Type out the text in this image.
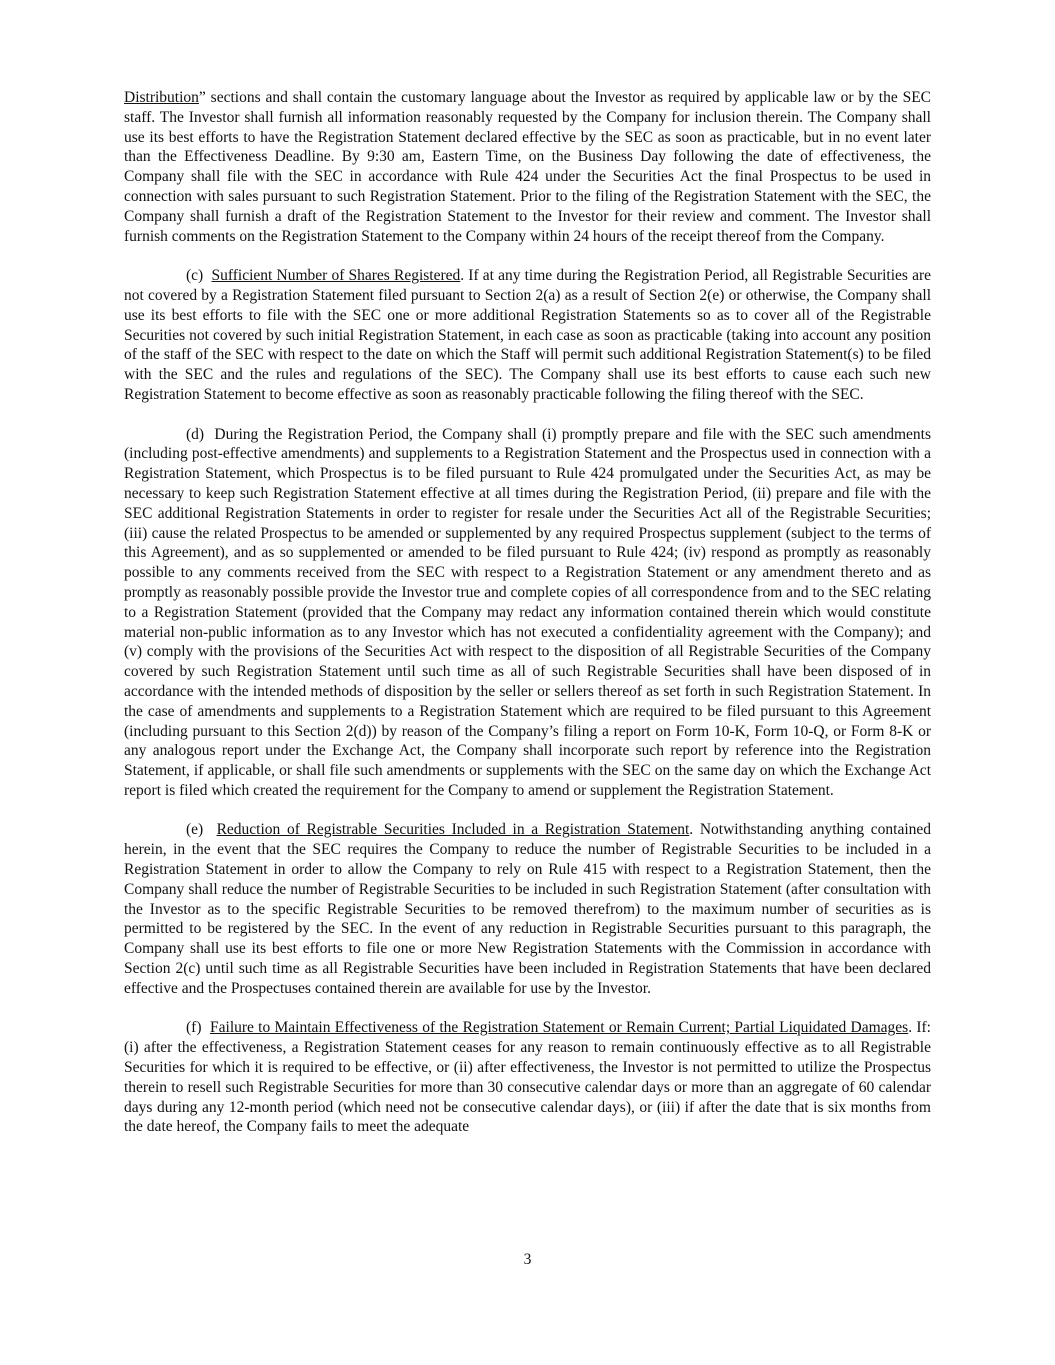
Distribution” sections and shall contain the customary language about the Investor as required by applicable law or by the SEC staff. The Investor shall furnish all information reasonably requested by the Company for inclusion therein. The Company shall use its best efforts to have the Registration Statement declared effective by the SEC as soon as practicable, but in no event later than the Effectiveness Deadline. By 9:30 am, Eastern Time, on the Business Day following the date of effectiveness, the Company shall file with the SEC in accordance with Rule 424 under the Securities Act the final Prospectus to be used in connection with sales pursuant to such Registration Statement. Prior to the filing of the Registration Statement with the SEC, the Company shall furnish a draft of the Registration Statement to the Investor for their review and comment. The Investor shall furnish comments on the Registration Statement to the Company within 24 hours of the receipt thereof from the Company.

(c)  Sufficient Number of Shares Registered. If at any time during the Registration Period, all Registrable Securities are not covered by a Registration Statement filed pursuant to Section 2(a) as a result of Section 2(e) or otherwise, the Company shall use its best efforts to file with the SEC one or more additional Registration Statements so as to cover all of the Registrable Securities not covered by such initial Registration Statement, in each case as soon as practicable (taking into account any position of the staff of the SEC with respect to the date on which the Staff will permit such additional Registration Statement(s) to be filed with the SEC and the rules and regulations of the SEC). The Company shall use its best efforts to cause each such new Registration Statement to become effective as soon as reasonably practicable following the filing thereof with the SEC.

(d)  During the Registration Period, the Company shall (i) promptly prepare and file with the SEC such amendments (including post-effective amendments) and supplements to a Registration Statement and the Prospectus used in connection with a Registration Statement, which Prospectus is to be filed pursuant to Rule 424 promulgated under the Securities Act, as may be necessary to keep such Registration Statement effective at all times during the Registration Period, (ii) prepare and file with the SEC additional Registration Statements in order to register for resale under the Securities Act all of the Registrable Securities; (iii) cause the related Prospectus to be amended or supplemented by any required Prospectus supplement (subject to the terms of this Agreement), and as so supplemented or amended to be filed pursuant to Rule 424; (iv) respond as promptly as reasonably possible to any comments received from the SEC with respect to a Registration Statement or any amendment thereto and as promptly as reasonably possible provide the Investor true and complete copies of all correspondence from and to the SEC relating to a Registration Statement (provided that the Company may redact any information contained therein which would constitute material non-public information as to any Investor which has not executed a confidentiality agreement with the Company); and (v) comply with the provisions of the Securities Act with respect to the disposition of all Registrable Securities of the Company covered by such Registration Statement until such time as all of such Registrable Securities shall have been disposed of in accordance with the intended methods of disposition by the seller or sellers thereof as set forth in such Registration Statement. In the case of amendments and supplements to a Registration Statement which are required to be filed pursuant to this Agreement (including pursuant to this Section 2(d)) by reason of the Company’s filing a report on Form 10-K, Form 10-Q, or Form 8-K or any analogous report under the Exchange Act, the Company shall incorporate such report by reference into the Registration Statement, if applicable, or shall file such amendments or supplements with the SEC on the same day on which the Exchange Act report is filed which created the requirement for the Company to amend or supplement the Registration Statement.

(e)  Reduction of Registrable Securities Included in a Registration Statement. Notwithstanding anything contained herein, in the event that the SEC requires the Company to reduce the number of Registrable Securities to be included in a Registration Statement in order to allow the Company to rely on Rule 415 with respect to a Registration Statement, then the Company shall reduce the number of Registrable Securities to be included in such Registration Statement (after consultation with the Investor as to the specific Registrable Securities to be removed therefrom) to the maximum number of securities as is permitted to be registered by the SEC. In the event of any reduction in Registrable Securities pursuant to this paragraph, the Company shall use its best efforts to file one or more New Registration Statements with the Commission in accordance with Section 2(c) until such time as all Registrable Securities have been included in Registration Statements that have been declared effective and the Prospectuses contained therein are available for use by the Investor.

(f)  Failure to Maintain Effectiveness of the Registration Statement or Remain Current; Partial Liquidated Damages. If: (i) after the effectiveness, a Registration Statement ceases for any reason to remain continuously effective as to all Registrable Securities for which it is required to be effective, or (ii) after effectiveness, the Investor is not permitted to utilize the Prospectus therein to resell such Registrable Securities for more than 30 consecutive calendar days or more than an aggregate of 60 calendar days during any 12-month period (which need not be consecutive calendar days), or (iii) if after the date that is six months from the date hereof, the Company fails to meet the adequate

3
